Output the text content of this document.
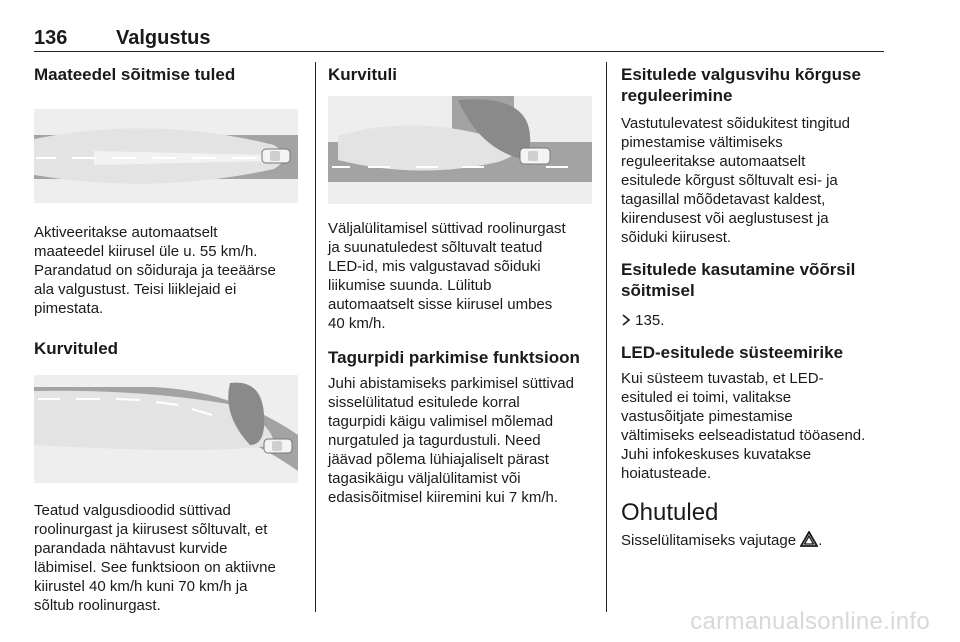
136 Valgustus
Maateedel sõitmise tuled

Aktiveeritakse automaatselt
maateedel kiirusel üle u. 55 km/h.
Parandatud on sõiduraja ja teeäärse
ala valgustust. Teisi liiklejaid ei
pimestata.

Kurvituled

Teatud valgusdioodid süttivad
roolinurgast ja kiirusest sõltuvalt, et
parandada nähtavust kurvide
läbimisel. See funktsioon on aktiivne
kiirustel 40 km/h kuni 70 km/h ja
sõltub roolinurgast.

Kurvituli

Väljalülitamisel süttivad roolinurgast
ja suunatuledest sõltuvalt teatud
LED-id, mis valgustavad sõiduki
liikumise suunda. Lülitub
automaatselt sisse kiirusel umbes
40 km/h.

Tagurpidi parkimise funktsioon

Juhi abistamiseks parkimisel süttivad
sisselülitatud esitulede korral
tagurpidi käigu valimisel mõlemad
nurgatuled ja tagurdustuli. Need
jäävad põlema lühiajaliselt pärast
tagasikäigu väljalülitamist või
edasisõitmisel kiiremini kui 7 km/h.

Esitulede valgusvihu kõrguse
reguleerimine

Vastutulevatest sõidukitest tingitud
pimestamise vältimiseks
reguleeritakse automaatselt
esitulede kõrgust sõltuvalt esi- ja
tagasillal mõõdetavast kaldest,
kiirendusest või aeglustusest ja
sõiduki kiirusest.

Esitulede kasutamine võõrsil
sõitmisel

135.

LED-esitulede süsteemirike

Kui süsteem tuvastab, et LED-
esituled ei toimi, valitakse
vastusõitjate pimestamise
vältimiseks eelseadistatud tööasend.
Juhi infokeskuses kuvatakse
hoiatusteade.

Ohutuled

Sisselülitamiseks vajutage .

carmanualsonline.info
